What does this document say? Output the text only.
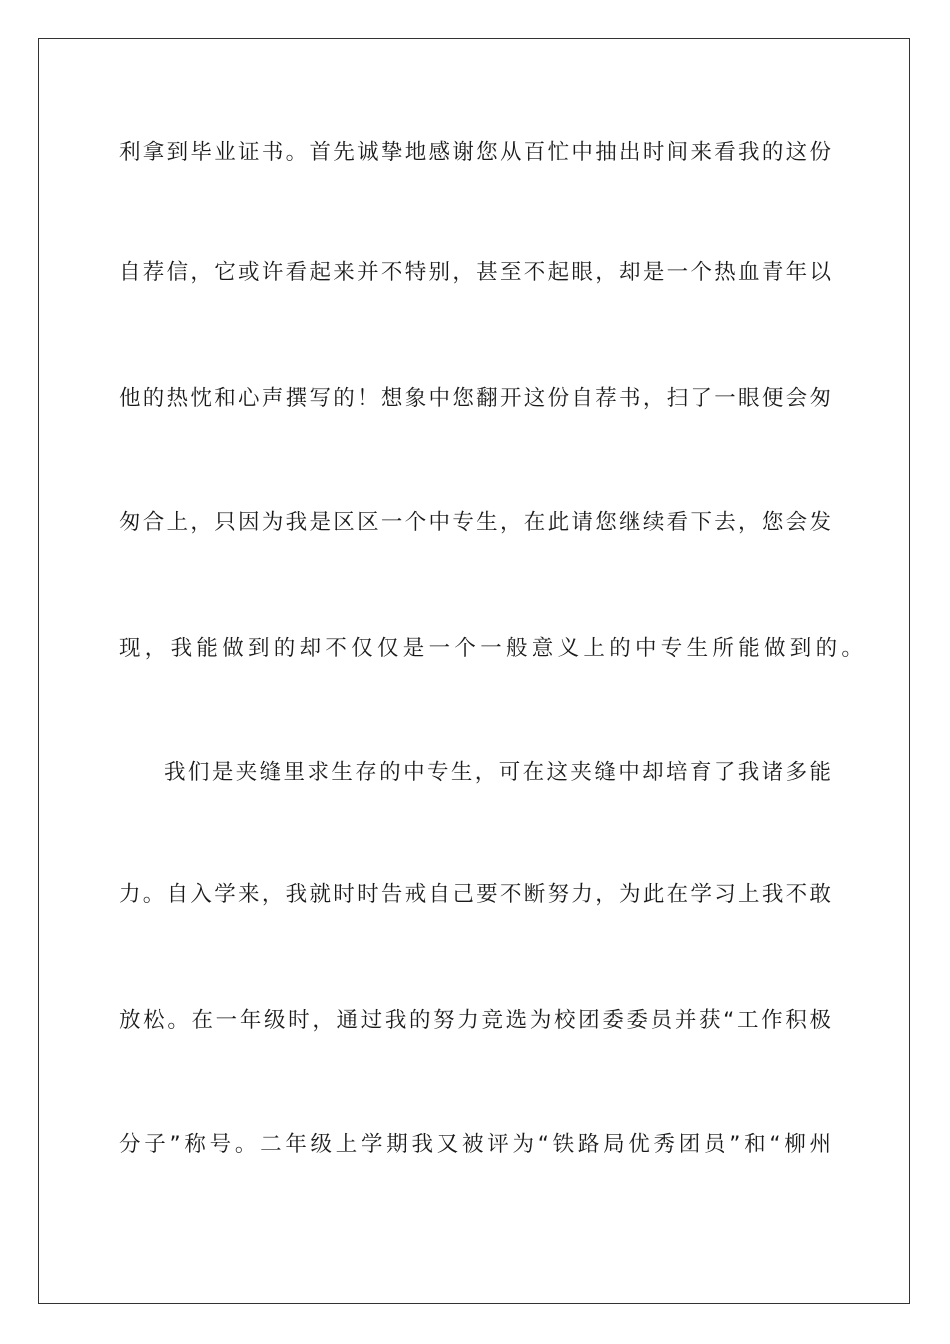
利拿到毕业证书。首先诚挚地感谢您从百忙中抽出时间来看我的这份
自荐信，它或许看起来并不特别，甚至不起眼，却是一个热血青年以
他的热忱和心声撰写的！想象中您翻开这份自荐书，扫了一眼便会匆
匆合上，只因为我是区区一个中专生，在此请您继续看下去，您会发
现，我能做到的却不仅仅是一个一般意义上的中专生所能做到的。
我们是夹缝里求生存的中专生，可在这夹缝中却培育了我诸多能
力。自入学来，我就时时告戒自己要不断努力，为此在学习上我不敢
放松。在一年级时，通过我的努力竞选为校团委委员并获“工作积极
分子”称号。二年级上学期我又被评为“铁路局优秀团员”和“柳州
